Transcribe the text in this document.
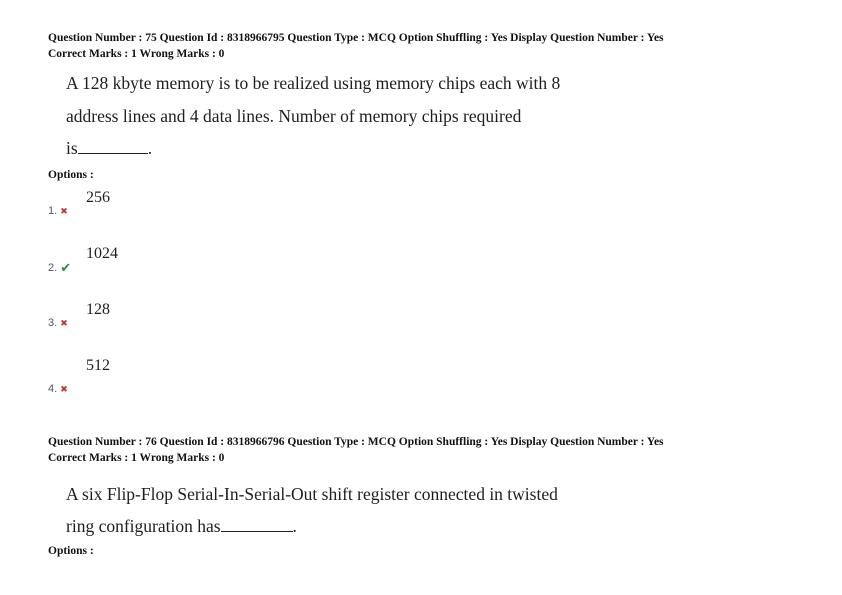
Question Number : 75 Question Id : 8318966795 Question Type : MCQ Option Shuffling : Yes Display Question Number : Yes
Correct Marks : 1 Wrong Marks : 0
A 128 kbyte memory is to be realized using memory chips each with 8
address lines and 4 data lines. Number of memory chips required
is	.
Options :
256
1. ✖
1024
2. ✔
128
3. ✖
512
4. ✖
Question Number : 76 Question Id : 8318966796 Question Type : MCQ Option Shuffling : Yes Display Question Number : Yes
Correct Marks : 1 Wrong Marks : 0
A six Flip-Flop Serial-In-Serial-Out shift register connected in twisted
ring configuration has	.
Options :
